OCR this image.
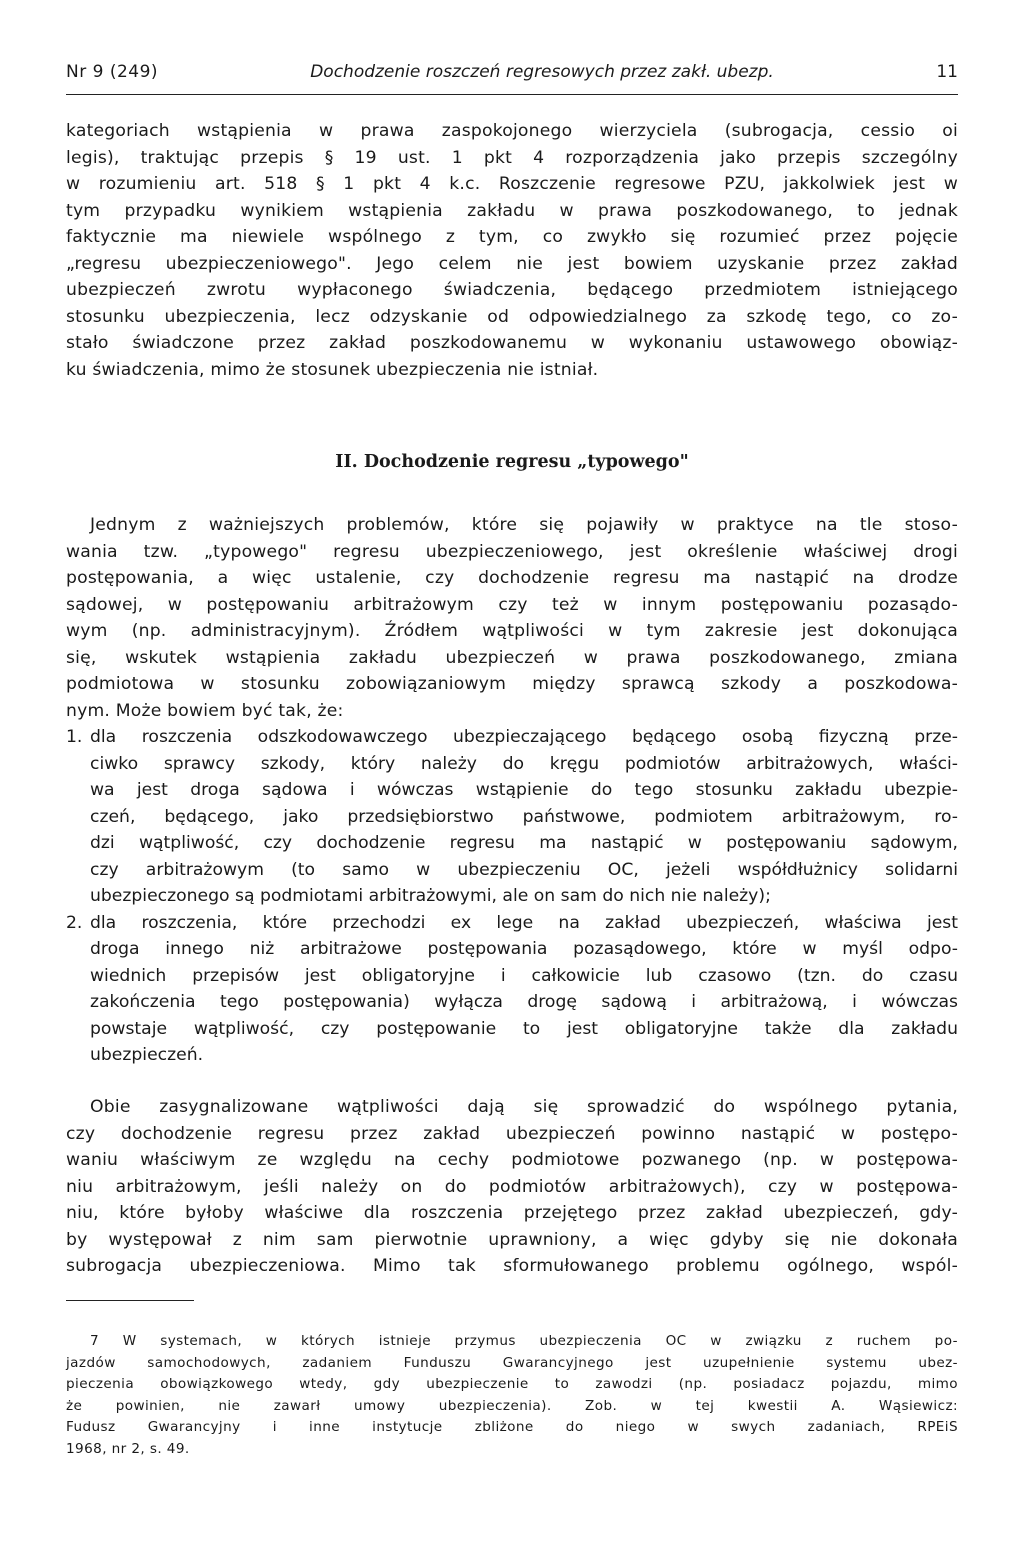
Nr 9 (249)	Dochodzenie roszczeń regresowych przez zakł. ubezp.	11
kategoriach wstąpienia w prawa zaspokojonego wierzyciela (subrogacja, cessio oi
legis), traktując przepis § 19 ust. 1 pkt 4 rozporządzenia jako przepis szczególny
w rozumieniu art. 518 § 1 pkt 4 k.c. Roszczenie regresowe PZU, jakkolwiek jest w
tym przypadku wynikiem wstąpienia zakładu w prawa poszkodowanego, to jednak
faktycznie ma niewiele wspólnego z tym, co zwykło się rozumieć przez pojęcie
„regresu ubezpieczeniowego". Jego celem nie jest bowiem uzyskanie przez zakład
ubezpieczeń zwrotu wypłaconego świadczenia, będącego przedmiotem istniejącego
stosunku ubezpieczenia, lecz odzyskanie od odpowiedzialnego za szkodę tego, co zo-
stało świadczone przez zakład poszkodowanemu w wykonaniu ustawowego obowiąz-
ku świadczenia, mimo że stosunek ubezpieczenia nie istniał.
II. Dochodzenie regresu „typowego"
Jednym z ważniejszych problemów, które się pojawiły w praktyce na tle stoso-
wania tzw. „typowego" regresu ubezpieczeniowego, jest określenie właściwej drogi
postępowania, a więc ustalenie, czy dochodzenie regresu ma nastąpić na drodze
sądowej, w postępowaniu arbitrażowym czy też w innym postępowaniu pozasądo-
wym (np. administracyjnym). Źródłem wątpliwości w tym zakresie jest dokonująca
się, wskutek wstąpienia zakładu ubezpieczeń w prawa poszkodowanego, zmiana
podmiotowa w stosunku zobowiązaniowym między sprawcą szkody a poszkodowa-
nym. Może bowiem być tak, że:
1. dla roszczenia odszkodowawczego ubezpieczającego będącego osobą fizyczną prze-
ciwko sprawcy szkody, który należy do kręgu podmiotów arbitrażowych, właści-
wa jest droga sądowa i wówczas wstąpienie do tego stosunku zakładu ubezpie-
czeń, będącego, jako przedsiębiorstwo państwowe, podmiotem arbitrażowym, ro-
dzi wątpliwość, czy dochodzenie regresu ma nastąpić w postępowaniu sądowym,
czy arbitrażowym (to samo w ubezpieczeniu OC, jeżeli współdłużnicy solidarni
ubezpieczonego są podmiotami arbitrażowymi, ale on sam do nich nie należy);
2. dla roszczenia, które przechodzi ex lege na zakład ubezpieczeń, właściwa jest
droga innego niż arbitrażowe postępowania pozasądowego, które w myśl odpo-
wiednich przepisów jest obligatoryjne i całkowicie lub czasowo (tzn. do czasu
zakończenia tego postępowania) wyłącza drogę sądową i arbitrażową, i wówczas
powstaje wątpliwość, czy postępowanie to jest obligatoryjne także dla zakładu
ubezpieczeń.
Obie zasygnalizowane wątpliwości dają się sprowadzić do wspólnego pytania,
czy dochodzenie regresu przez zakład ubezpieczeń powinno nastąpić w postępo-
waniu właściwym ze względu na cechy podmiotowe pozwanego (np. w postępowa-
niu arbitrażowym, jeśli należy on do podmiotów arbitrażowych), czy w postępowa-
niu, które byłoby właściwe dla roszczenia przejętego przez zakład ubezpieczeń, gdy-
by występował z nim sam pierwotnie uprawniony, a więc gdyby się nie dokonała
subrogacja ubezpieczeniowa. Mimo tak sformułowanego problemu ogólnego, wspól-
7 W systemach, w których istnieje przymus ubezpieczenia OC w związku z ruchem po-
jazdów samochodowych, zadaniem Funduszu Gwarancyjnego jest uzupełnienie systemu ubez-
pieczenia obowiązkowego wtedy, gdy ubezpieczenie to zawodzi (np. posiadacz pojazdu, mimo
że powinien, nie zawarł umowy ubezpieczenia). Zob. w tej kwestii A. Wąsiewicz:
Fudusz Gwarancyjny i inne instytucje zbliżone do niego w swych zadaniach, RPEiS
1968, nr 2, s. 49.
